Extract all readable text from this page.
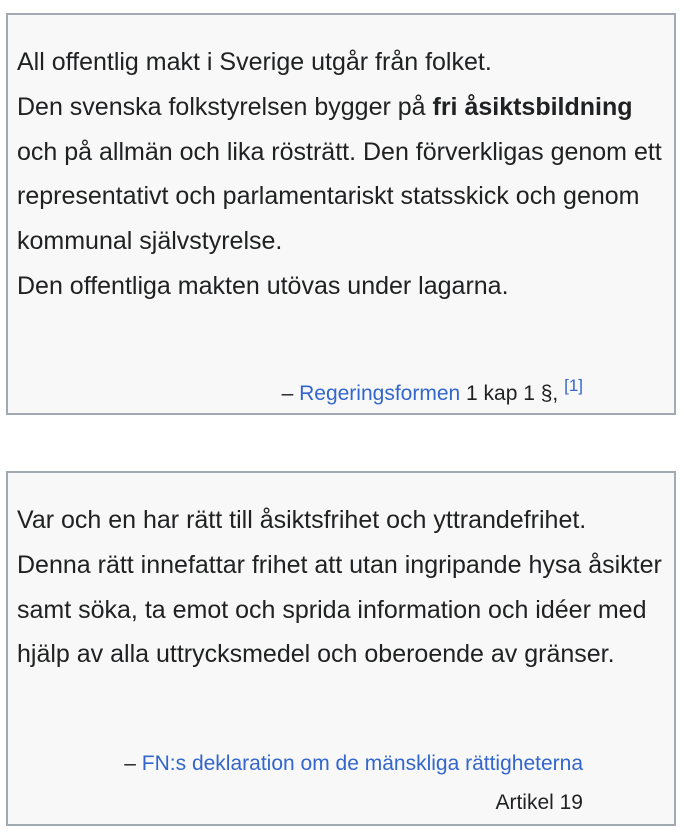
All offentlig makt i Sverige utgår från folket.

Den svenska folkstyrelsen bygger på fri åsiktsbildning och på allmän och lika rösträtt. Den förverkligas genom ett representativt och parlamentariskt statsskick och genom kommunal självstyrelse.

Den offentliga makten utövas under lagarna.

– Regeringsformen 1 kap 1 §, [1]

Var och en har rätt till åsiktsfrihet och yttrandefrihet. Denna rätt innefattar frihet att utan ingripande hysa åsikter samt söka, ta emot och sprida information och idéer med hjälp av alla uttrycksmedel och oberoende av gränser.

– FN:s deklaration om de mänskliga rättigheterna
Artikel 19
